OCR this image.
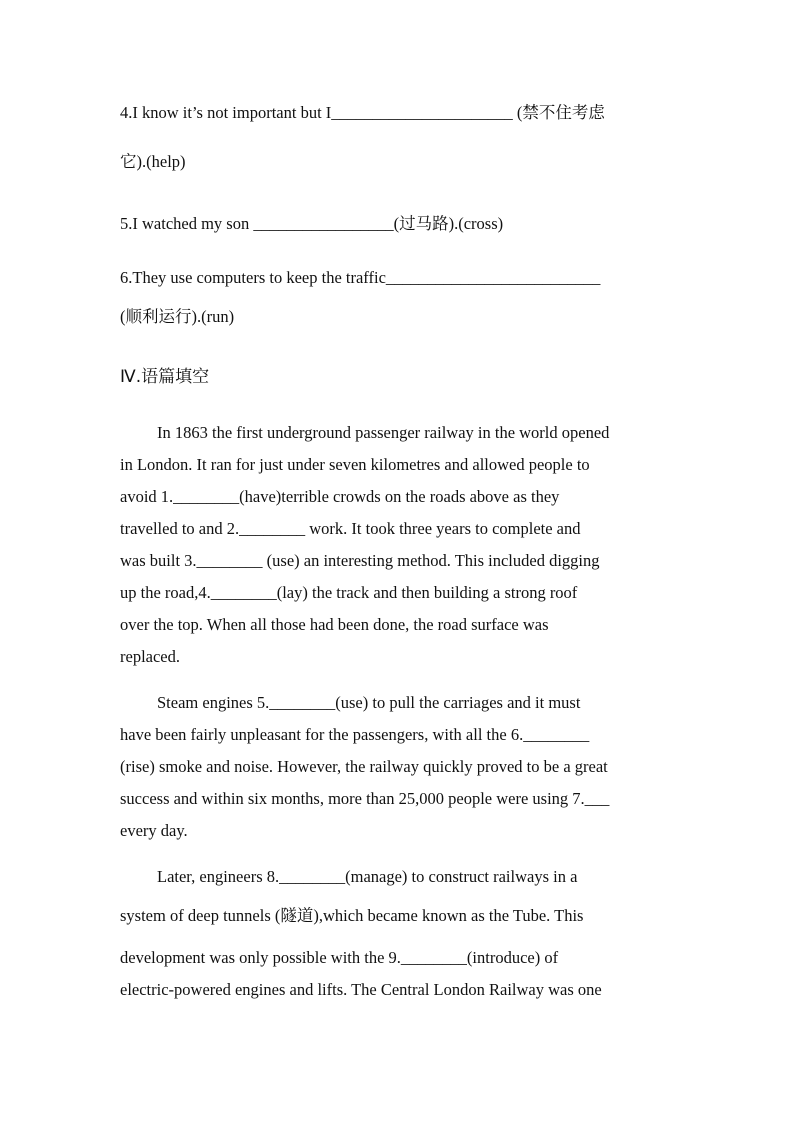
4.I know it’s not important but I______________________ (禁不住考虑
它).(help)
5.I watched my son _________________(过马路).(cross)
6.They use computers to keep the traffic__________________________
(顺利运行).(run)
Ⅳ.语篇填空
In 1863 the first underground passenger railway in the world opened
in London. It ran for just under seven kilometres and allowed people to
avoid 1.________(have)terrible crowds on the roads above as they
travelled to and 2.________ work. It took three years to complete and
was built 3.________ (use) an interesting method. This included digging
up the road,4.________(lay) the track and then building a strong roof
over the top. When all those had been done, the road surface was
replaced.
Steam engines 5.________(use) to pull the carriages and it must
have been fairly unpleasant for the passengers, with all the 6.________
(rise) smoke and noise. However, the railway quickly proved to be a great
success and within six months, more than 25,000 people were using 7.___
every day.
Later, engineers 8.________(manage) to construct railways in a
system of deep tunnels (隧道),which became known as the Tube. This
development was only possible with the 9.________(introduce) of
electric-powered engines and lifts. The Central London Railway was one
